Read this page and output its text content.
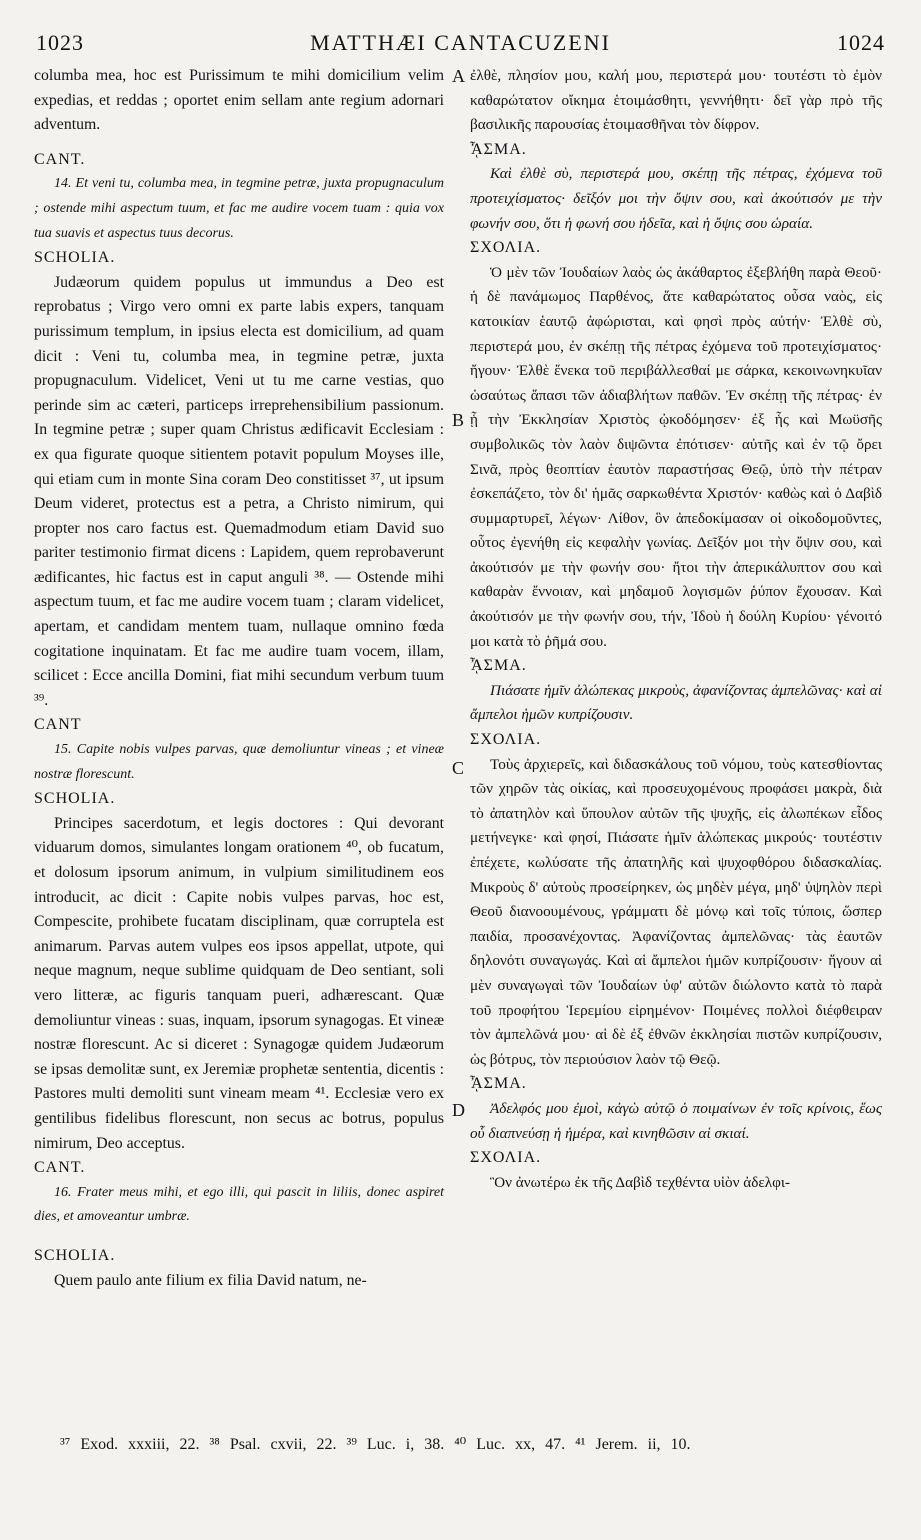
1023	MATTHÆI CANTACUZENI	1024
A
B
C
D

columba mea, hoc est Purissimum te mihi domicilium velim expedias, et reddas ; oportet enim sellam ante regium adornari adventum.

CANT.

14. Et veni tu, columba mea, in tegmine petræ, juxta propugnaculum ; ostende mihi aspectum tuum, et fac me audire vocem tuam : quia vox tua suavis et aspectus tuus decorus.

SCHOLIA.

Judæorum quidem populus ut immundus a Deo est reprobatus ; Virgo vero omni ex parte labis expers, tanquam purissimum templum, in ipsius electa est domicilium, ad quam dicit : Veni tu, columba mea, in tegmine petræ, juxta propugnaculum. Videlicet, Veni ut tu me carne vestias, quo perinde sim ac cæteri, particeps irreprehensibilium passionum. In tegmine petræ ; super quam Christus ædificavit Ecclesiam : ex qua figurate quoque sitientem potavit populum Moyses ille, qui etiam cum in monte Sina coram Deo constitisset ³⁷, ut ipsum Deum videret, protectus est a petra, a Christo nimirum, qui propter nos caro factus est. Quemadmodum etiam David suo pariter testimonio firmat dicens : Lapidem, quem reprobaverunt ædificantes, hic factus est in caput anguli ³⁸. — Ostende mihi aspectum tuum, et fac me audire vocem tuam ; claram videlicet, apertam, et candidam mentem tuam, nullaque omnino fœda cogitatione inquinatam. Et fac me audire tuam vocem, illam, scilicet : Ecce ancilla Domini, fiat mihi secundum verbum tuum ³⁹.

CANT

15. Capite nobis vulpes parvas, quæ demoliuntur vineas ; et vineæ nostræ florescunt.

SCHOLIA.

Principes sacerdotum, et legis doctores : Qui devorant viduarum domos, simulantes longam orationem ⁴⁰, ob fucatum, et dolosum ipsorum animum, in vulpium similitudinem eos introducit, ac dicit : Capite nobis vulpes parvas, hoc est, Compescite, prohibete fucatam disciplinam, quæ corruptela est animarum. Parvas autem vulpes eos ipsos appellat, utpote, qui neque magnum, neque sublime quidquam de Deo sentiant, soli vero litteræ, ac figuris tanquam pueri, adhærescant. Quæ demoliuntur vineas : suas, inquam, ipsorum synagogas. Et vineæ nostræ florescunt. Ac si diceret : Synagogæ quidem Judæorum se ipsas demolitæ sunt, ex Jeremiæ prophetæ sententia, dicentis : Pastores multi demoliti sunt vineam meam ⁴¹. Ecclesiæ vero ex gentilibus fidelibus florescunt, non secus ac botrus, populus nimirum, Deo acceptus.

CANT.

16. Frater meus mihi, et ego illi, qui pascit in liliis, donec aspiret dies, et amoveantur umbræ.

SCHOLIA.

Quem paulo ante filium ex filia David natum, ne-

ἐλθὲ, πλησίον μου, καλή μου, περιστερά μου· τουτέστι τὸ ἐμὸν καθαρώτατον οἴκημα ἑτοιμάσθητι, γεννήθητι· δεῖ γὰρ πρὸ τῆς βασιλικῆς παρουσίας ἑτοιμασθῆναι τὸν δίφρον.

ᾎΣΜΑ.

Καὶ ἐλθὲ σὺ, περιστερά μου, σκέπῃ τῆς πέτρας, ἐχόμενα τοῦ προτειχίσματος· δεῖξόν μοι τὴν ὄψιν σου, καὶ ἀκούτισόν με τὴν φωνήν σου, ὅτι ἡ φωνή σου ἡδεῖα, καὶ ἡ ὄψις σου ὡραία.

ΣΧΟΛΙΑ.

Ὁ μὲν τῶν Ἰουδαίων λαὸς ὡς ἀκάθαρτος ἐξεβλήθη παρὰ Θεοῦ· ἡ δὲ πανάμωμος Παρθένος, ἅτε καθαρώτατος οὖσα ναὸς, εἰς κατοικίαν ἑαυτῷ ἀφώρισται, καὶ φησὶ πρὸς αὐτήν· Ἐλθὲ σὺ, περιστερά μου, ἐν σκέπῃ τῆς πέτρας ἐχόμενα τοῦ προτειχίσματος· ἤγουν· Ἐλθὲ ἕνεκα τοῦ περιβάλλεσθαί με σάρκα, κεκοινωνηκυῖαν ὡσαύτως ἅπασι τῶν ἀδιαβλήτων παθῶν. Ἐν σκέπῃ τῆς πέτρας· ἐν ᾗ τὴν Ἐκκλησίαν Χριστὸς ᾠκοδόμησεν· ἐξ ἧς καὶ Μωϋσῆς συμβολικῶς τὸν λαὸν διψῶντα ἐπότισεν· αὐτῆς καὶ ἐν τῷ ὄρει Σινᾶ, πρὸς θεοπτίαν ἑαυτὸν παραστήσας Θεῷ, ὑπὸ τὴν πέτραν ἐσκεπάζετο, τὸν δι' ἡμᾶς σαρκωθέντα Χριστόν· καθὼς καὶ ὁ Δαβὶδ συμμαρτυρεῖ, λέγων· Λίθον, ὃν ἀπεδοκίμασαν οἱ οἰκοδομοῦντες, οὗτος ἐγενήθη εἰς κεφαλὴν γωνίας. Δεῖξόν μοι τὴν ὄψιν σου, καὶ ἀκούτισόν με τὴν φωνήν σου· ἤτοι τὴν ἀπερικάλυπτον σου καὶ καθαρὰν ἔννοιαν, καὶ μηδαμοῦ λογισμῶν ῥύπον ἔχουσαν. Καὶ ἀκούτισόν με τὴν φωνήν σου, τήν, Ἰδοὺ ἡ δούλη Κυρίου· γένοιτό μοι κατὰ τὸ ῥῆμά σου.

ᾎΣΜΑ.

Πιάσατε ἡμῖν ἀλώπεκας μικροὺς, ἀφανίζοντας ἀμπελῶνας· καὶ αἱ ἄμπελοι ἡμῶν κυπρίζουσιν.

ΣΧΟΛΙΑ.

Τοὺς ἀρχιερεῖς, καὶ διδασκάλους τοῦ νόμου, τοὺς κατεσθίοντας τῶν χηρῶν τὰς οἰκίας, καὶ προσευχομένους προφάσει μακρὰ, διὰ τὸ ἀπατηλὸν καὶ ὕπουλον αὐτῶν τῆς ψυχῆς, εἰς ἀλωπέκων εἶδος μετήνεγκε· καὶ φησί, Πιάσατε ἡμῖν ἀλώπεκας μικρούς· τουτέστιν ἐπέχετε, κωλύσατε τῆς ἀπατηλῆς καὶ ψυχοφθόρου διδασκαλίας. Μικροὺς δ' αὐτοὺς προσείρηκεν, ὡς μηδὲν μέγα, μηδ' ὑψηλὸν περὶ Θεοῦ διανοουμένους, γράμματι δὲ μόνῳ καὶ τοῖς τύποις, ὥσπερ παιδία, προσανέχοντας. Ἀφανίζοντας ἀμπελῶνας· τὰς ἑαυτῶν δηλονότι συναγωγάς. Καὶ αἱ ἄμπελοι ἡμῶν κυπρίζουσιν· ἤγουν αἱ μὲν συναγωγαὶ τῶν Ἰουδαίων ὑφ' αὐτῶν διώλοντο κατὰ τὸ παρὰ τοῦ προφήτου Ἱερεμίου εἰρημένον· Ποιμένες πολλοὶ διέφθειραν τὸν ἀμπελῶνά μου· αἱ δὲ ἐξ ἐθνῶν ἐκκλησίαι πιστῶν κυπρίζουσιν, ὡς βότρυς, τὸν περιούσιον λαὸν τῷ Θεῷ.

ᾎΣΜΑ.

Ἀδελφός μου ἐμοὶ, κἀγὼ αὐτῷ ὁ ποιμαίνων ἐν τοῖς κρίνοις, ἕως οὗ διαπνεύσῃ ἡ ἡμέρα, καὶ κινηθῶσιν αἱ σκιαί.

ΣΧΟΛΙΑ.

Ὃν ἀνωτέρω ἐκ τῆς Δαβὶδ τεχθέντα υἱὸν ἀδελφι-

³⁷ Exod. xxxiii, 22. ³⁸ Psal. cxvii, 22. ³⁹ Luc. i, 38. ⁴⁰ Luc. xx, 47. ⁴¹ Jerem. ii, 10.
